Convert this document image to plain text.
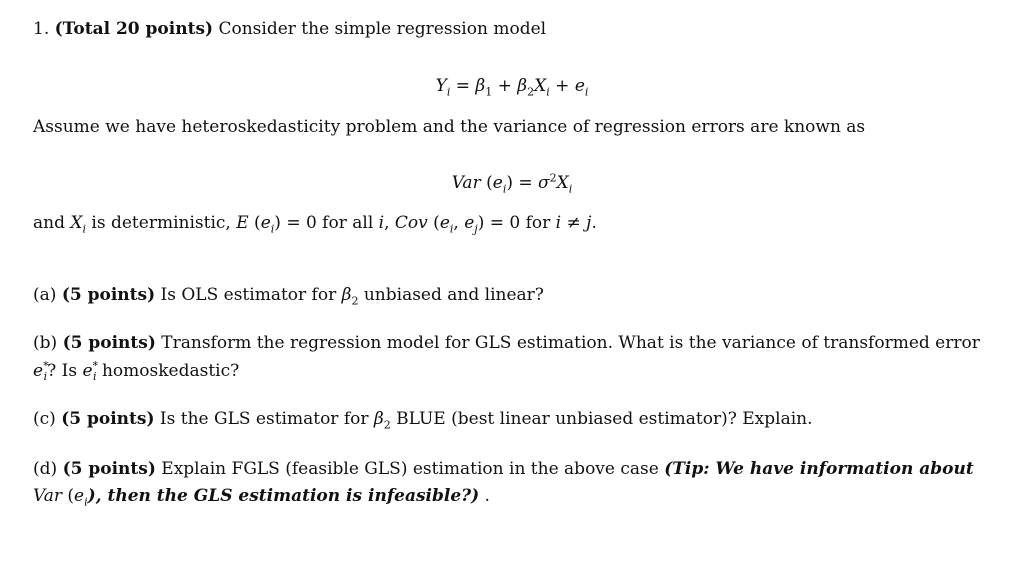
1. (Total 20 points) Consider the simple regression model
$Y_i = \beta_1 + \beta_2X_i + e_i$
Assume we have heteroskedasticity problem and the variance of regression errors are known as
Var $(e_i) = \sigma^2X_i$
and $X_i$ is deterministic, E $(e_i) = 0$ for all i, Cov ($e_i$, $e_j) = 0$ for i ≠ j.
(a) (5 points) Is OLS estimator for $\beta_2$ unbiased and linear?
(b) (5 points) Transform the regression model for GLS estimation. What is the variance of transformed error
$e^*_i$? Is $e^*_i$ homoskedastic?
(c) (5 points) Is the GLS estimator for $\beta_2$ BLUE (best linear unbiased estimator)? Explain.
(d) (5 points) Explain FGLS (feasible GLS) estimation in the above case (Tip: We have information about
Var $(e_i)$, then the GLS estimation is infeasible?) .
